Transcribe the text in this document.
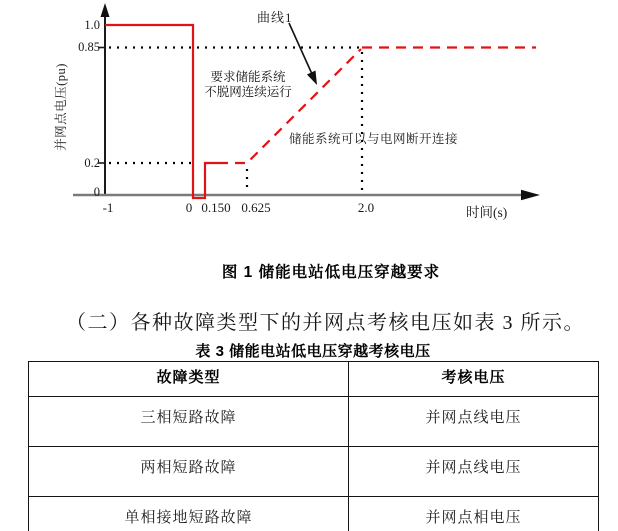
并网点电压(pu)
时间(s)
1.0
0.85
0.2
0
-1	0 0.150 0.625	2.0
曲线1
要求储能系统
不脱网连续运行
储能系统可以与电网断开连接
图 1 储能电站低电压穿越要求
（二）各种故障类型下的并网点考核电压如表 3 所示。
表 3 储能电站低电压穿越考核电压
故障类型	考核电压
三相短路故障	并网点线电压
两相短路故障	并网点线电压
单相接地短路故障	并网点相电压
